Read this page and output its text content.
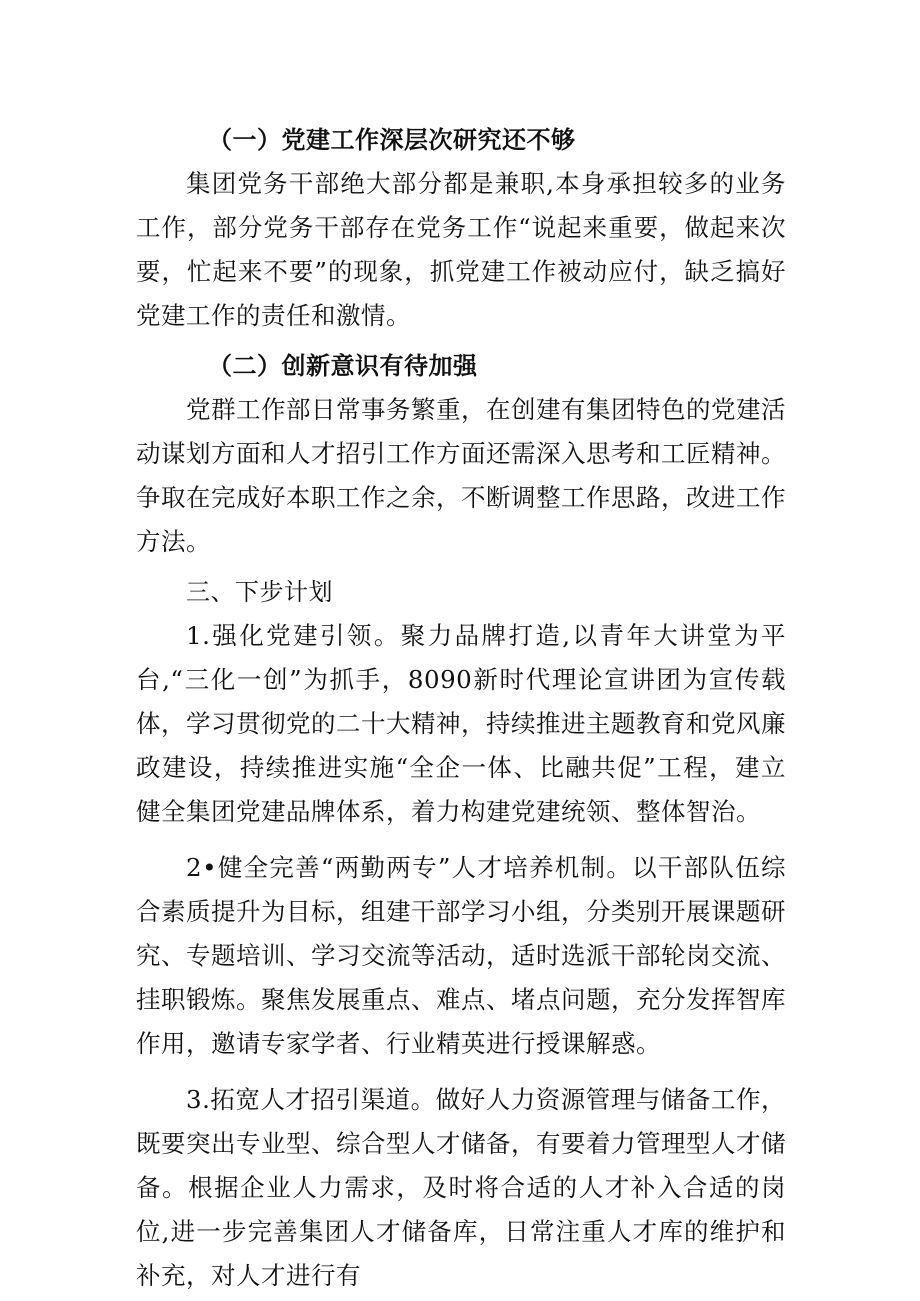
（一）党建工作深层次研究还不够

集团党务干部绝大部分都是兼职,本身承担较多的业务工作，部分党务干部存在党务工作“说起来重要，做起来次要，忙起来不要”的现象，抓党建工作被动应付，缺乏搞好党建工作的责任和激情。

（二）创新意识有待加强

党群工作部日常事务繁重，在创建有集团特色的党建活动谋划方面和人才招引工作方面还需深入思考和工匠精神。争取在完成好本职工作之余，不断调整工作思路，改进工作方法。

三、下步计划

1.强化党建引领。聚力品牌打造,以青年大讲堂为平台,“三化一创”为抓手，8090新时代理论宣讲团为宣传载体，学习贯彻党的二十大精神，持续推进主题教育和党风廉政建设，持续推进实施“全企一体、比融共促”工程，建立健全集团党建品牌体系，着力构建党建统领、整体智治。

2•健全完善“两勤两专”人才培养机制。以干部队伍综合素质提升为目标，组建干部学习小组，分类别开展课题研究、专题培训、学习交流等活动，适时选派干部轮岗交流、挂职锻炼。聚焦发展重点、难点、堵点问题，充分发挥智库作用，邀请专家学者、行业精英进行授课解惑。

3.拓宽人才招引渠道。做好人力资源管理与储备工作，既要突出专业型、综合型人才储备，有要着力管理型人才储备。根据企业人力需求，及时将合适的人才补入合适的岗位,进一步完善集团人才储备库，日常注重人才库的维护和补充，对人才进行有
